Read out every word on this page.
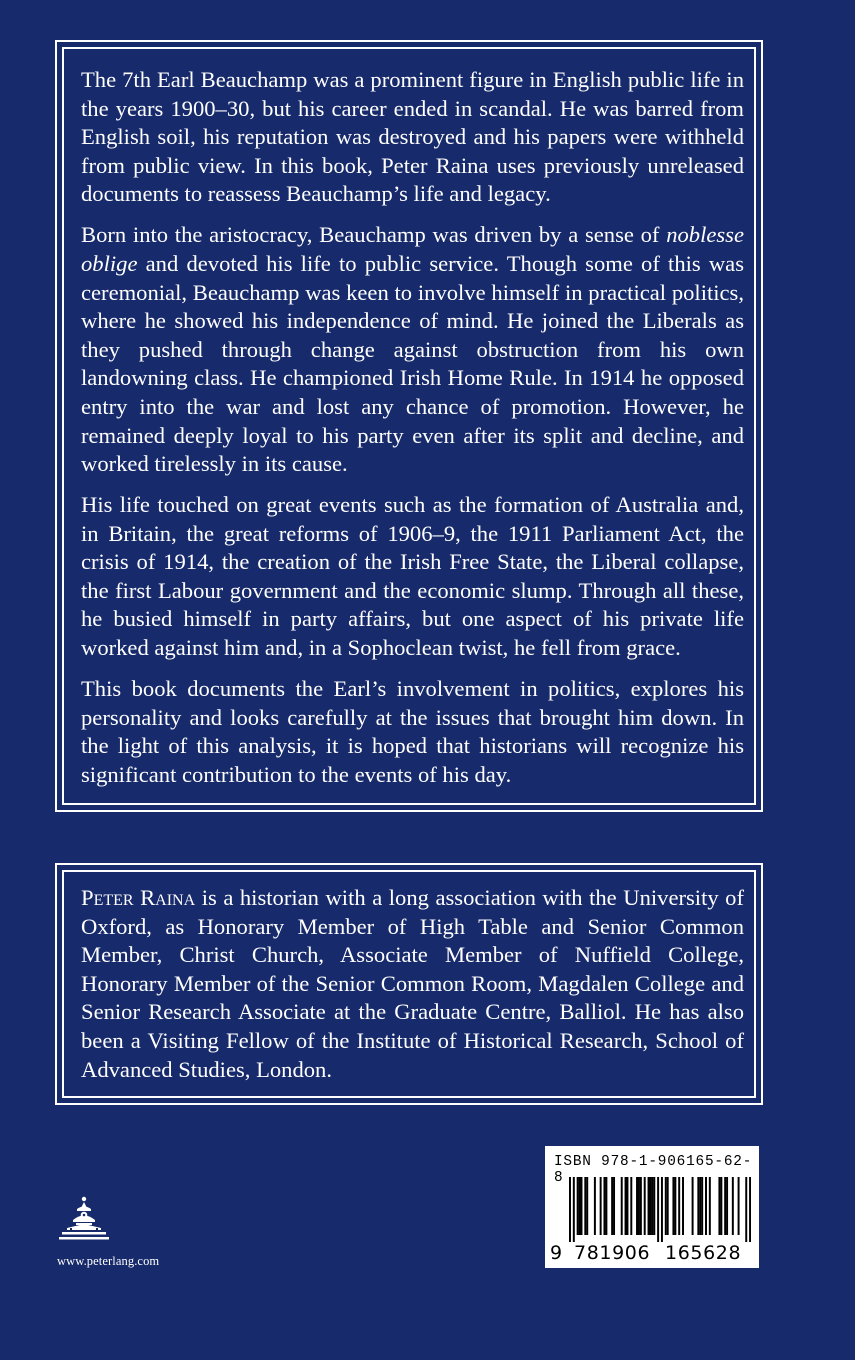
The 7th Earl Beauchamp was a prominent figure in English public life in the years 1900–30, but his career ended in scandal. He was barred from English soil, his reputation was destroyed and his papers were withheld from public view. In this book, Peter Raina uses previously unreleased documents to reassess Beauchamp’s life and legacy.

Born into the aristocracy, Beauchamp was driven by a sense of noblesse oblige and devoted his life to public service. Though some of this was ceremonial, Beauchamp was keen to involve himself in practical politics, where he showed his independence of mind. He joined the Liberals as they pushed through change against obstruction from his own landowning class. He championed Irish Home Rule. In 1914 he opposed entry into the war and lost any chance of promotion. However, he remained deeply loyal to his party even after its split and decline, and worked tirelessly in its cause.

His life touched on great events such as the formation of Australia and, in Britain, the great reforms of 1906–9, the 1911 Parliament Act, the crisis of 1914, the creation of the Irish Free State, the Liberal collapse, the first Labour government and the economic slump. Through all these, he busied himself in party affairs, but one aspect of his private life worked against him and, in a Sophoclean twist, he fell from grace.

This book documents the Earl’s involvement in politics, explores his personality and looks carefully at the issues that brought him down. In the light of this analysis, it is hoped that historians will recognize his significant contribution to the events of his day.

Peter Raina is a historian with a long association with the University of Oxford, as Honorary Member of High Table and Senior Common Member, Christ Church, Associate Member of Nuffield College, Honorary Member of the Senior Common Room, Magdalen College and Senior Research Associate at the Graduate Centre, Balliol. He has also been a Visiting Fellow of the Institute of Historical Research, School of Advanced Studies, London.

www.peterlang.com
ISBN 978-1-906165-62-8
9 781906 165628
